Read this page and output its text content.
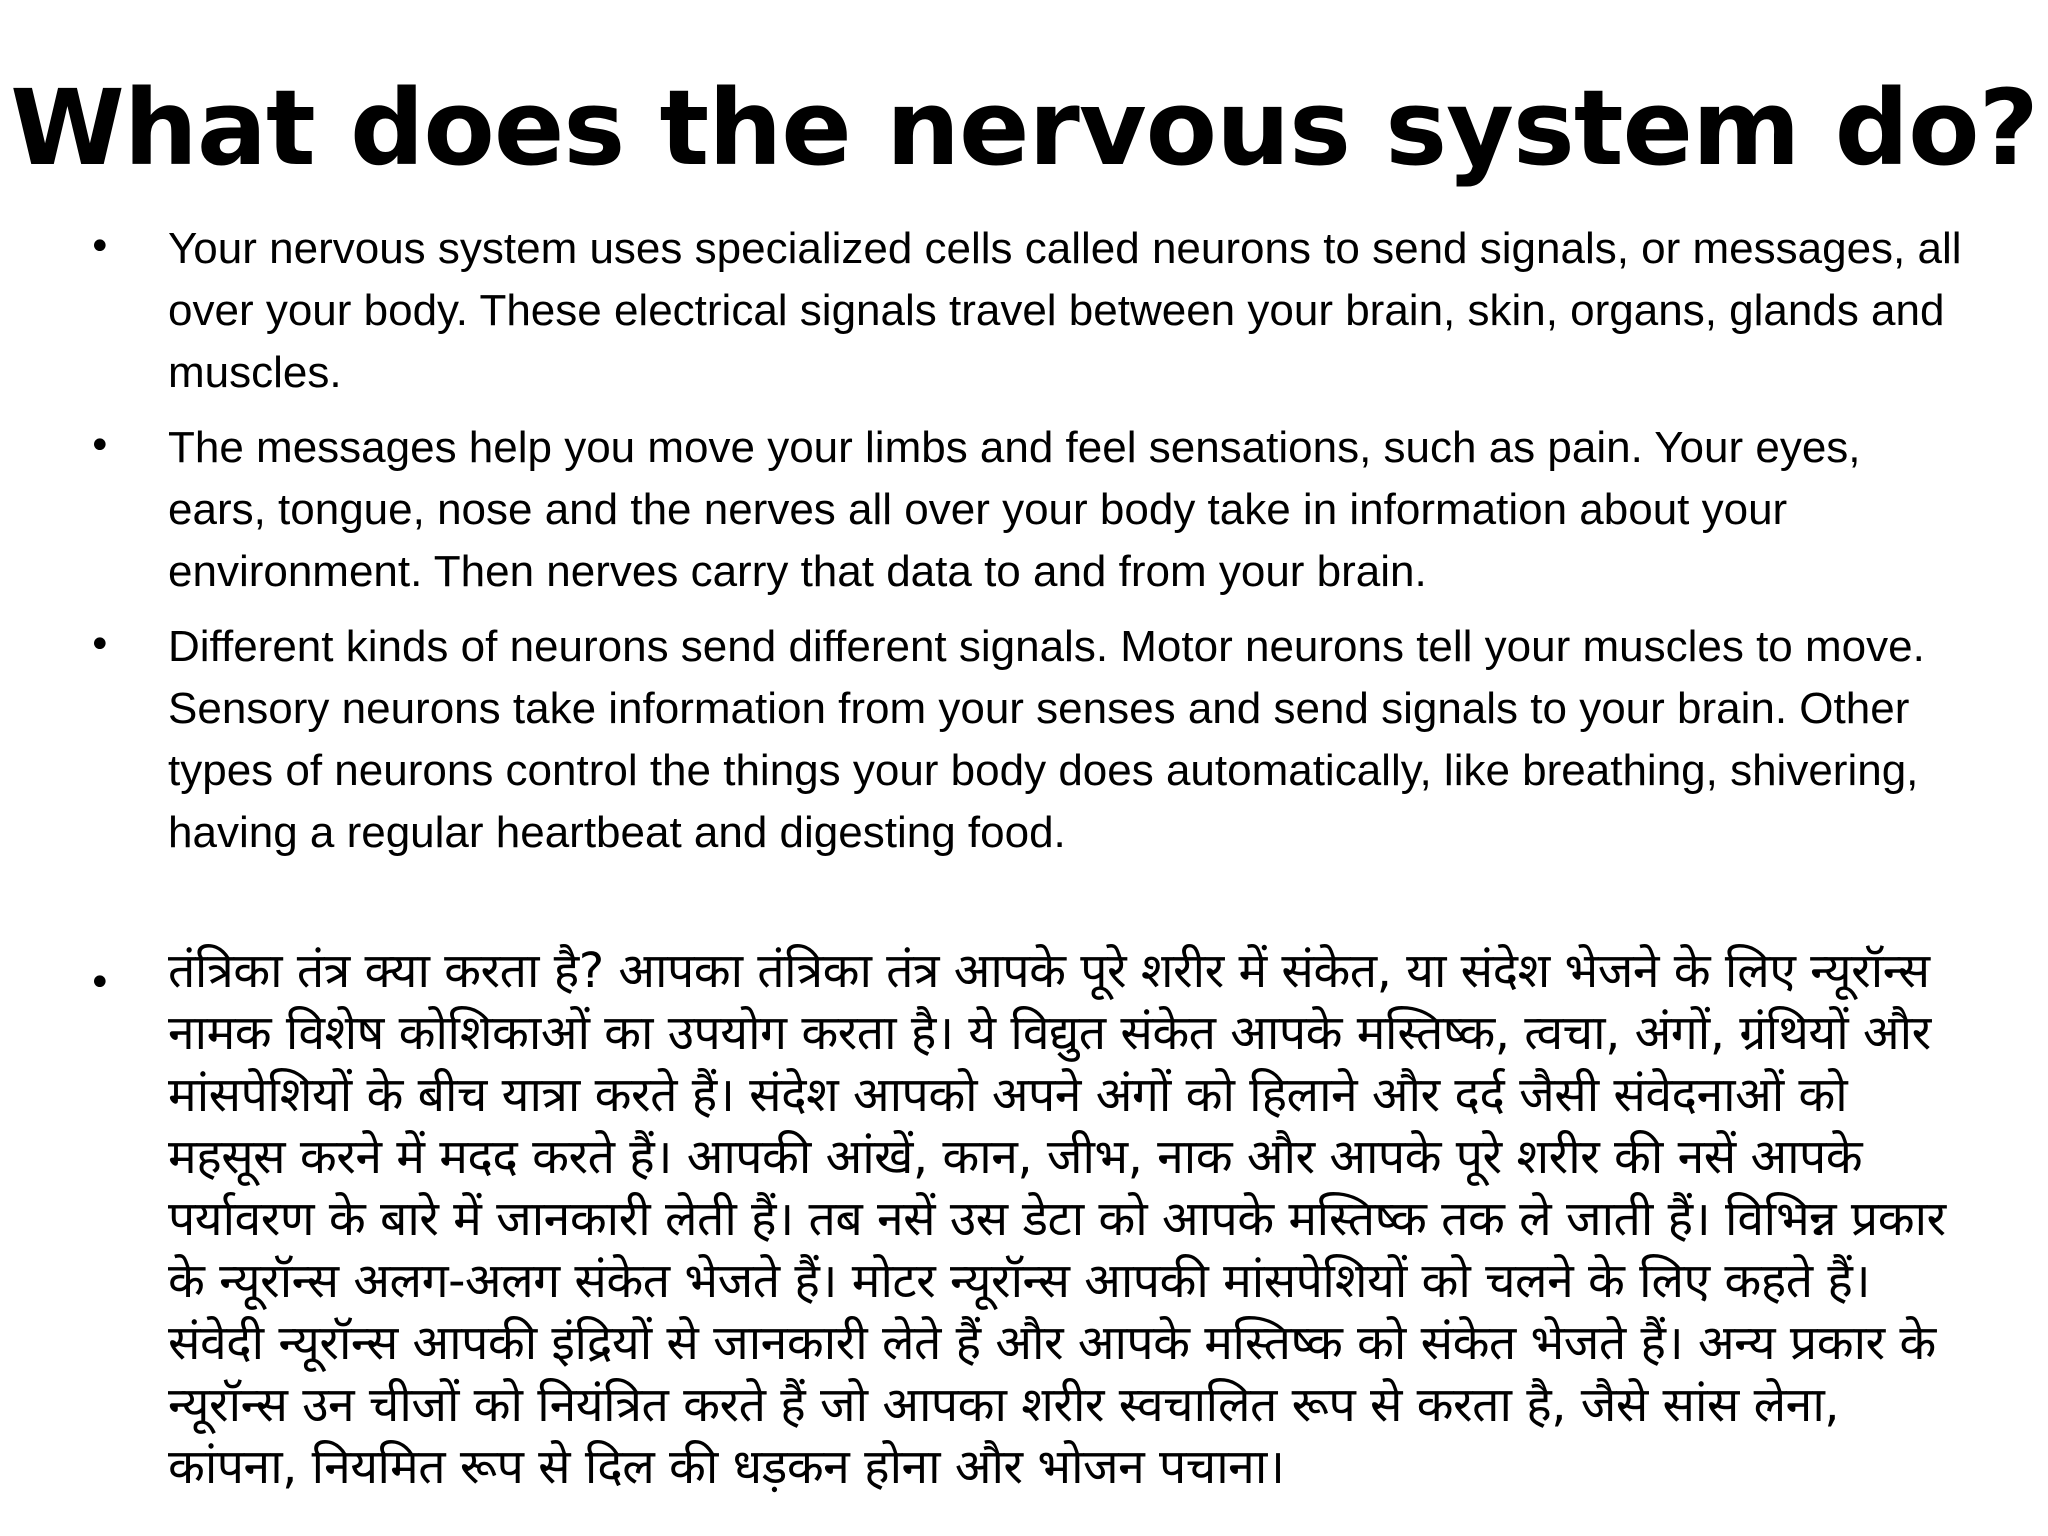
What does the nervous system do?
• Your nervous system uses specialized cells called neurons to send signals, or messages, all over your body. These electrical signals travel between your brain, skin, organs, glands and muscles.
• The messages help you move your limbs and feel sensations, such as pain. Your eyes, ears, tongue, nose and the nerves all over your body take in information about your environment. Then nerves carry that data to and from your brain.
• Different kinds of neurons send different signals. Motor neurons tell your muscles to move. Sensory neurons take information from your senses and send signals to your brain. Other types of neurons control the things your body does automatically, like breathing, shivering, having a regular heartbeat and digesting food.
• तंत्रिका तंत्र क्या करता है? आपका तंत्रिका तंत्र आपके पूरे शरीर में संकेत, या संदेश भेजने के लिए न्यूरॉन्स नामक विशेष कोशिकाओं का उपयोग करता है। ये विद्युत संकेत आपके मस्तिष्क, त्वचा, अंगों, ग्रंथियों और मांसपेशियों के बीच यात्रा करते हैं। संदेश आपको अपने अंगों को हिलाने और दर्द जैसी संवेदनाओं को महसूस करने में मदद करते हैं। आपकी आंखें, कान, जीभ, नाक और आपके पूरे शरीर की नसें आपके पर्यावरण के बारे में जानकारी लेती हैं। तब नसें उस डेटा को आपके मस्तिष्क तक ले जाती हैं। विभिन्न प्रकार के न्यूरॉन्स अलग-अलग संकेत भेजते हैं। मोटर न्यूरॉन्स आपकी मांसपेशियों को चलने के लिए कहते हैं। संवेदी न्यूरॉन्स आपकी इंद्रियों से जानकारी लेते हैं और आपके मस्तिष्क को संकेत भेजते हैं। अन्य प्रकार के न्यूरॉन्स उन चीजों को नियंत्रित करते हैं जो आपका शरीर स्वचालित रूप से करता है, जैसे सांस लेना, कांपना, नियमित रूप से दिल की धड़कन होना और भोजन पचाना।
